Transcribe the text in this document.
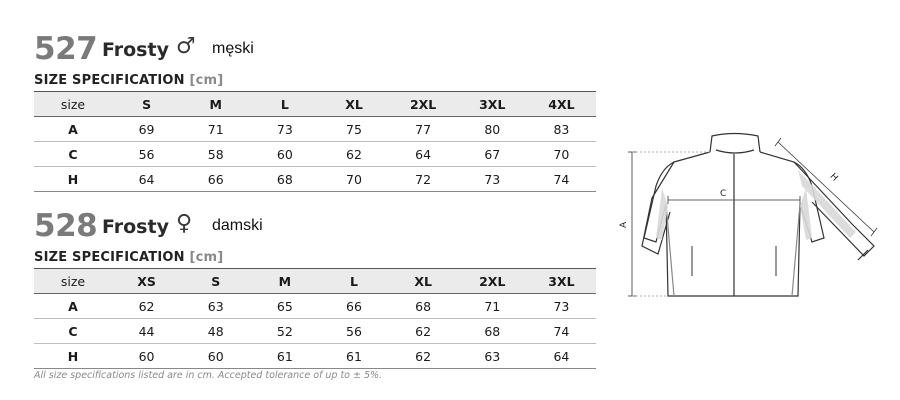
527 Frosty ♂ męski
SIZE SPECIFICATION [cm]
size	S	M	L	XL	2XL	3XL	4XL
A	69	71	73	75	77	80	83
C	56	58	60	62	64	67	70
H	64	66	68	70	72	73	74
528 Frosty ♀ damski
SIZE SPECIFICATION [cm]
size	XS	S	M	L	XL	2XL	3XL
A	62	63	65	66	68	71	73
C	44	48	52	56	62	68	74
H	60	60	61	61	62	63	64
All size specifications listed are in cm. Accepted tolerance of up to ± 5%.
A
C
H
